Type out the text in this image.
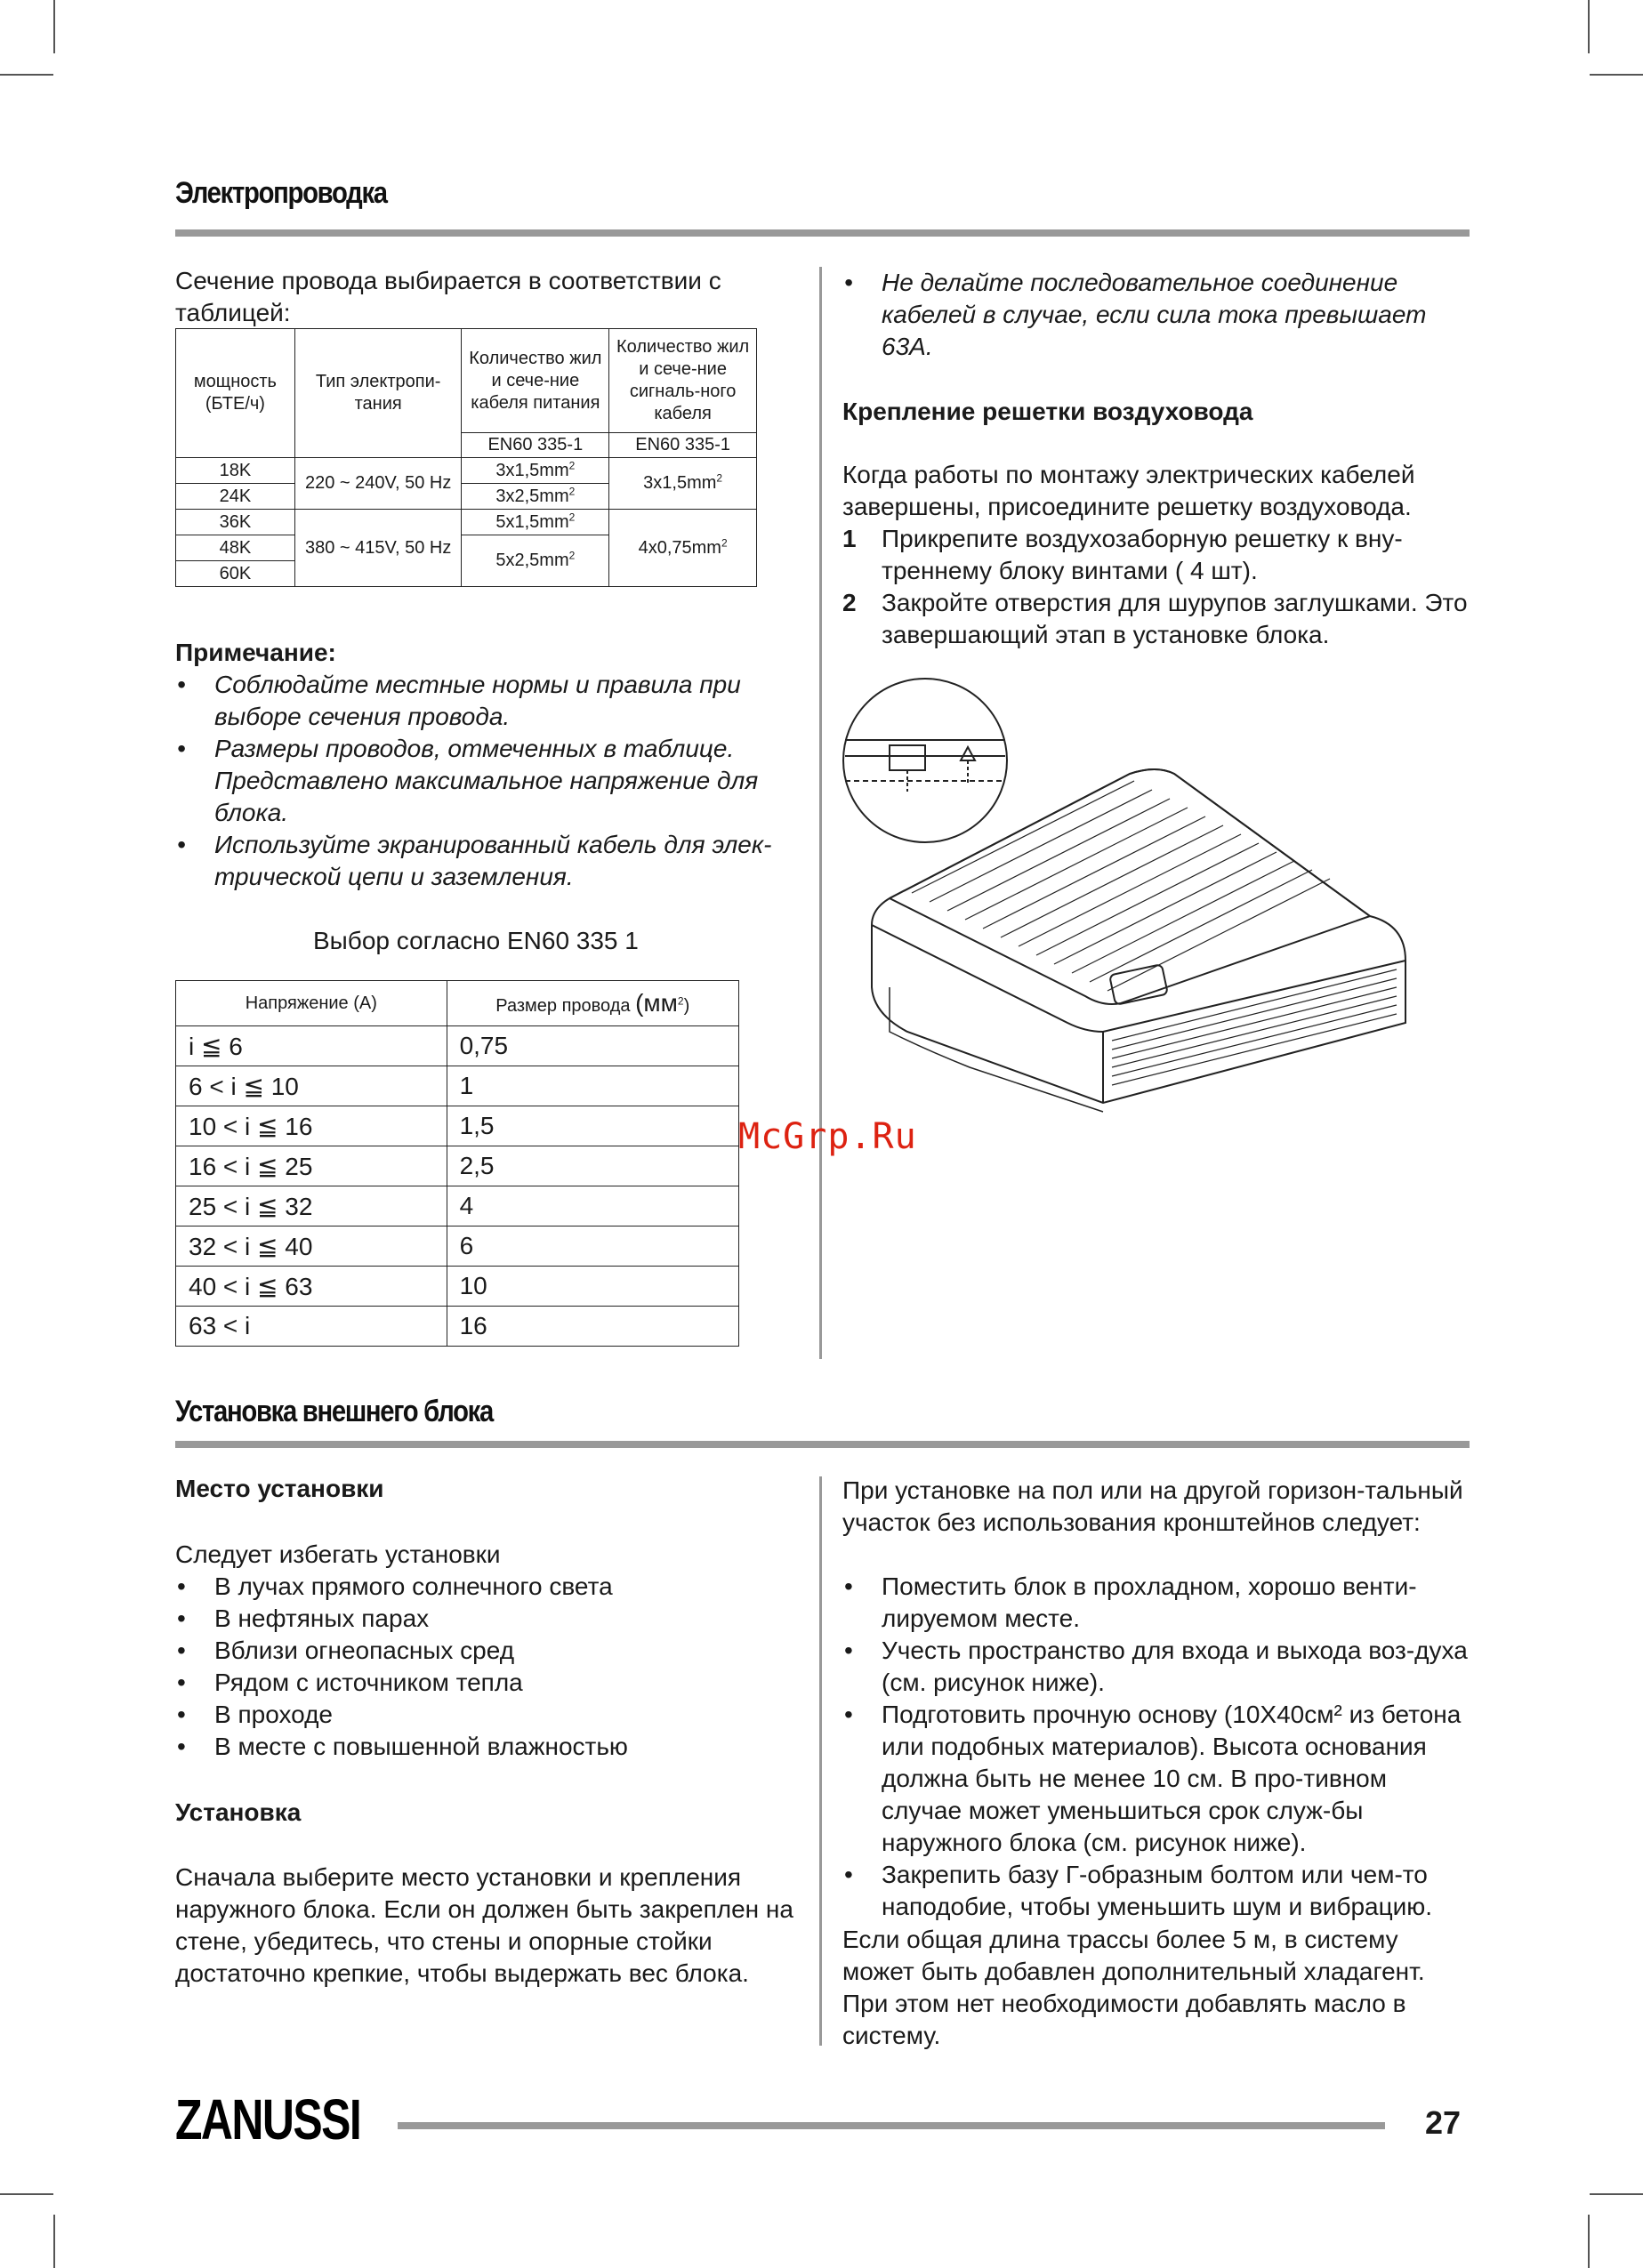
Электропроводка
Сечение провода выбирается в соответствии с таблицей:
мощность (БТЕ/ч)	Тип электропи-тания	Количество жил и сече-ние кабеля питания	Количество жил и сече-ние сигналь-ного кабеля
		EN60 335-1	EN60 335-1
18K	220 ~ 240V, 50 Hz	$3x1,5mm^2$	$3x1,5mm^2$
24K		$3x2,5mm^2$
36K	380 ~ 415V, 50 Hz	$5x1,5mm^2$	$4x0,75mm^2$
48K		$5x2,5mm^2$
60K			
Примечание:
• Соблюдайте местные нормы и правила при выборе сечения провода.
• Размеры проводов, отмеченных в таблице. Представлено максимальное напряжение для блока.
• Используйте экранированный кабель для элек-трической цепи и заземления.
Выбор согласно EN60 335 1
Напряжение (А)	Размер провода $(мм^2)$
i ≦ 6	0,75
6 < i ≦ 10	1
10 < i ≦ 16	1,5
16 < i ≦ 25	2,5
25 < i ≦ 32	4
32 < i ≦ 40	6
40 < i ≦ 63	10
63 < i	16
• Не делайте последовательное соединение кабелей в случае, если сила тока превышает 63А.
Крепление решетки воздуховода
Когда работы по монтажу электрических кабелей завершены, присоедините решетку воздуховода.
1 Прикрепите воздухозаборную решетку к вну-треннему блоку винтами ( 4 шт).
2 Закройте отверстия для шурупов заглушками. Это завершающий этап в установке блока.
McGrp.Ru
Установка внешнего блока
Место установки
Следует избегать установки
• В лучах прямого солнечного света
• В нефтяных парах
• Вблизи огнеопасных сред
• Рядом с источником тепла
• В проходе
• В месте с повышенной влажностью
Установка
Сначала выберите место установки и крепления наружного блока. Если он должен быть закреплен на стене, убедитесь, что стены и опорные стойки достаточно крепкие, чтобы выдержать вес блока.
При установке на пол или на другой горизон-тальный участок без использования кронштейнов следует:
• Поместить блок в прохладном, хорошо венти-лируемом месте.
• Учесть пространство для входа и выхода воз-духа (см. рисунок ниже).
• Подготовить прочную основу (10Х40см² из бетона или подобных материалов). Высота основания должна быть не менее 10 см. В про-тивном случае может уменьшиться срок служ-бы наружного блока (см. рисунок ниже).
• Закрепить базу Г-образным болтом или чем-то наподобие, чтобы уменьшить шум и вибрацию.
Если общая длина трассы более 5 м, в систему может быть добавлен дополнительный хладагент. При этом нет необходимости добавлять масло в систему.
ZANUSSI	27
